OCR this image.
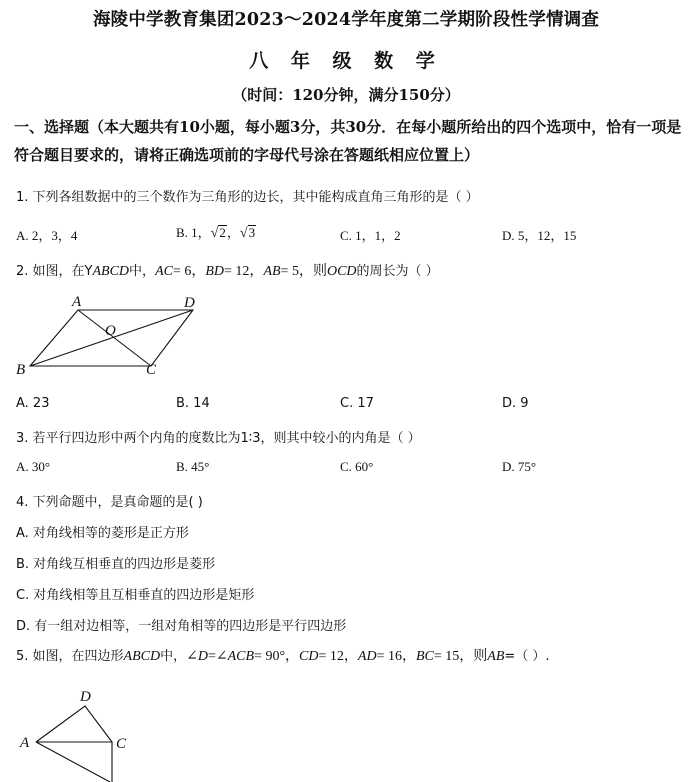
海陵中学教育集团2023～2024学年度第二学期阶段性学情调查
八 年 级 数 学
（时间：120分钟，满分150分）
一、选择题（本大题共有10小题，每小题3分，共30分．在每小题所给出的四个选项中，恰有一项是符合题目要求的，请将正确选项前的字母代号涂在答题纸相应位置上）
1. 下列各组数据中的三个数作为三角形的边长，其中能构成直角三角形的是（ ）
A. 2，3，4	B. 1，√2，√3	C. 1，1，2	D. 5，12，15
2. 如图，在YABCD中，AC= 6，BD= 12，AB= 5，则OCD的周长为（ ）
A	D
O
B	C
A. 23	B. 14	C. 17	D. 9
3. 若平行四边形中两个内角的度数比为1∶3，则其中较小的内角是（ ）
A. 30°	B. 45°	C. 60°	D. 75°
4. 下列命题中，是真命题的是( )
A. 对角线相等的菱形是正方形
B. 对角线互相垂直的四边形是菱形
C. 对角线相等且互相垂直的四边形是矩形
D. 有一组对边相等，一组对角相等的四边形是平行四边形
5. 如图，在四边形ABCD中，∠D=∠ACB= 90°，CD= 12，AD= 16，BC= 15，则AB=（ ）.
D
A	C
